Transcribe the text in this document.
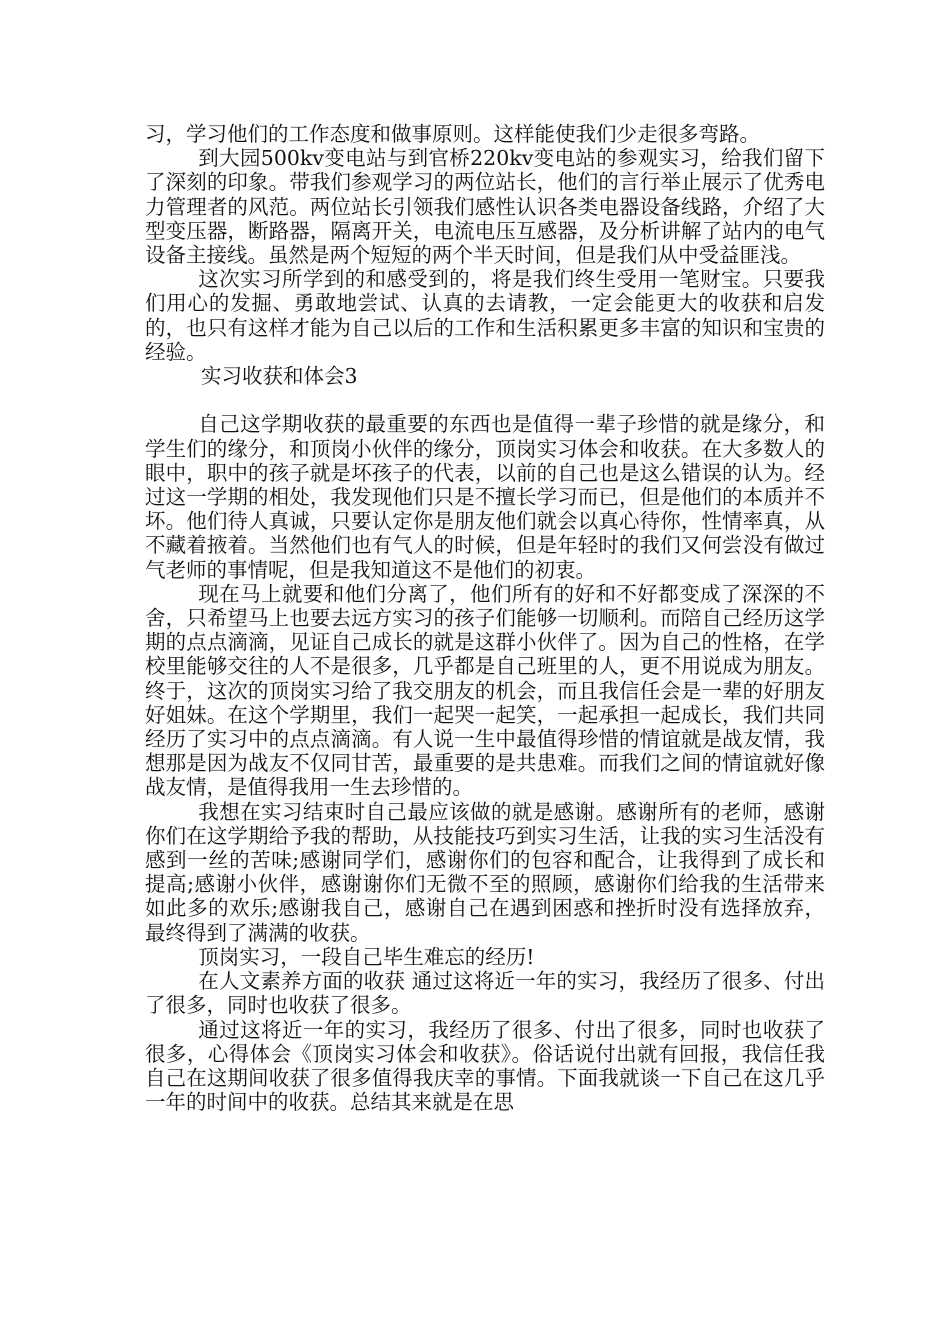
习，学习他们的工作态度和做事原则。这样能使我们少走很多弯路。

到大园500kv变电站与到官桥220kv变电站的参观实习，给我们留下了深刻的印象。带我们参观学习的两位站长，他们的言行举止展示了优秀电力管理者的风范。两位站长引领我们感性认识各类电器设备线路，介绍了大型变压器，断路器，隔离开关，电流电压互感器，及分析讲解了站内的电气设备主接线。虽然是两个短短的两个半天时间，但是我们从中受益匪浅。

这次实习所学到的和感受到的，将是我们终生受用一笔财宝。只要我们用心的发掘、勇敢地尝试、认真的去请教，一定会能更大的收获和启发的，也只有这样才能为自己以后的工作和生活积累更多丰富的知识和宝贵的经验。

实习收获和体会3

自己这学期收获的最重要的东西也是值得一辈子珍惜的就是缘分，和学生们的缘分，和顶岗小伙伴的缘分，顶岗实习体会和收获。在大多数人的眼中，职中的孩子就是坏孩子的代表，以前的自己也是这么错误的认为。经过这一学期的相处，我发现他们只是不擅长学习而已，但是他们的本质并不坏。他们待人真诚，只要认定你是朋友他们就会以真心待你，性情率真，从不藏着掖着。当然他们也有气人的时候，但是年轻时的我们又何尝没有做过气老师的事情呢，但是我知道这不是他们的初衷。

现在马上就要和他们分离了，他们所有的好和不好都变成了深深的不舍，只希望马上也要去远方实习的孩子们能够一切顺利。而陪自己经历这学期的点点滴滴，见证自己成长的就是这群小伙伴了。因为自己的性格，在学校里能够交往的人不是很多，几乎都是自己班里的人，更不用说成为朋友。终于，这次的顶岗实习给了我交朋友的机会，而且我信任会是一辈的好朋友好姐妹。在这个学期里，我们一起哭一起笑，一起承担一起成长，我们共同经历了实习中的点点滴滴。有人说一生中最值得珍惜的情谊就是战友情，我想那是因为战友不仅同甘苦，最重要的是共患难。而我们之间的情谊就好像战友情，是值得我用一生去珍惜的。

我想在实习结束时自己最应该做的就是感谢。感谢所有的老师，感谢你们在这学期给予我的帮助，从技能技巧到实习生活，让我的实习生活没有感到一丝的苦味;感谢同学们，感谢你们的包容和配合，让我得到了成长和提高;感谢小伙伴，感谢谢你们无微不至的照顾，感谢你们给我的生活带来如此多的欢乐;感谢我自己，感谢自己在遇到困惑和挫折时没有选择放弃，最终得到了满满的收获。

顶岗实习，一段自己毕生难忘的经历!

在人文素养方面的收获 通过这将近一年的实习，我经历了很多、付出了很多，同时也收获了很多。

通过这将近一年的实习，我经历了很多、付出了很多，同时也收获了很多，心得体会《顶岗实习体会和收获》。俗话说付出就有回报，我信任我自己在这期间收获了很多值得我庆幸的事情。下面我就谈一下自己在这几乎一年的时间中的收获。总结其来就是在思
